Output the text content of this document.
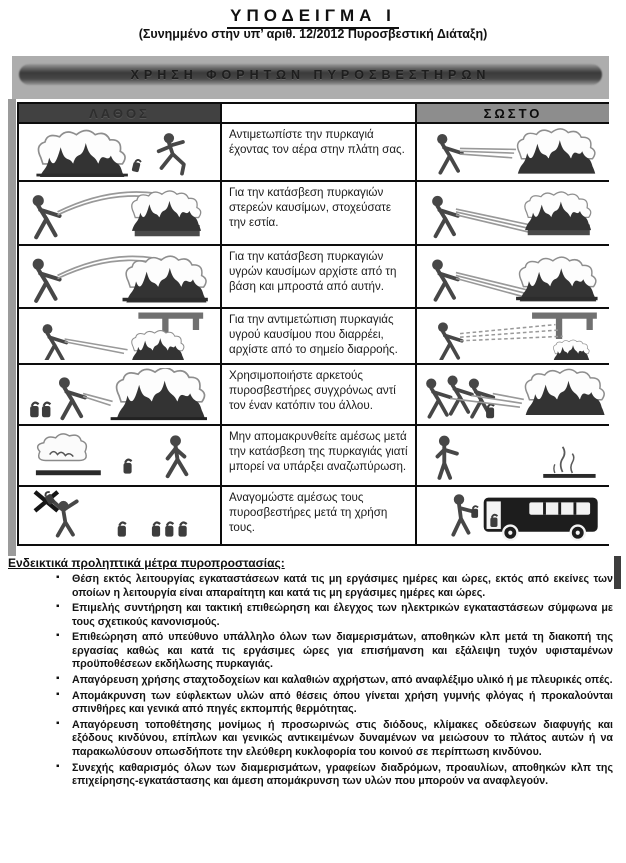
ΥΠΟΔΕΙΓΜΑ Ι
(Συνημμένο στην υπ’ αριθ. 12/2012 Πυροσβεστική Διάταξη)
ΧΡΗΣΗ ΦΟΡΗΤΩΝ ΠΥΡΟΣΒΕΣΤΗΡΩΝ
ΛΑΘΟΣ	ΣΩΣΤΟ
Αντιμετωπίστε την πυρκαγιά έχοντας τον αέρα στην πλάτη σας.
Για την κατάσβεση πυρκαγιών στερεών καυσίμων, στοχεύσατε την εστία.
Για την κατάσβεση πυρκαγιών υγρών καυσίμων αρχίστε από τη βάση και μπροστά από αυτήν.
Για την αντιμετώπιση πυρκαγιάς υγρού καυσίμου που διαρρέει, αρχίστε από το σημείο διαρροής.
Χρησιμοποιήστε αρκετούς πυροσβεστήρες συγχρόνως αντί τον έναν κατόπιν του άλλου.
Μην απομακρυνθείτε αμέσως μετά την κατάσβεση της πυρκαγιάς γιατί μπορεί να υπάρξει αναζωπύρωση.
Αναγομώστε αμέσως τους πυροσβεστήρες μετά τη χρήση τους.
Ενδεικτικά προληπτικά μέτρα πυροπροστασίας:
▪ Θέση εκτός λειτουργίας εγκαταστάσεων κατά τις μη εργάσιμες ημέρες και ώρες, εκτός από εκείνες των οποίων η λειτουργία είναι απαραίτητη και κατά τις μη εργάσιμες ημέρες και ώρες.
▪ Επιμελής συντήρηση και τακτική επιθεώρηση και έλεγχος των ηλεκτρικών εγκαταστάσεων σύμφωνα με τους σχετικούς κανονισμούς.
▪ Επιθεώρηση από υπεύθυνο υπάλληλο όλων των διαμερισμάτων, αποθηκών κλπ μετά τη διακοπή της εργασίας καθώς και κατά τις εργάσιμες ώρες για επισήμανση και εξάλειψη τυχόν υφισταμένων προϋποθέσεων εκδήλωσης πυρκαγιάς.
▪ Απαγόρευση χρήσης σταχτοδοχείων και καλαθιών αχρήστων, από αναφλέξιμο υλικό ή με πλευρικές οπές.
▪ Απομάκρυνση των εύφλεκτων υλών από θέσεις όπου γίνεται χρήση γυμνής φλόγας ή προκαλούνται σπινθήρες και γενικά από πηγές εκπομπής θερμότητας.
▪ Απαγόρευση τοποθέτησης μονίμως ή προσωρινώς στις διόδους, κλίμακες οδεύσεων διαφυγής και εξόδους κινδύνου, επίπλων και γενικώς αντικειμένων δυναμένων να μειώσουν το πλάτος αυτών ή να παρακωλύσουν οπωσδήποτε την ελεύθερη κυκλοφορία του κοινού σε περίπτωση κινδύνου.
▪ Συνεχής καθαρισμός όλων των διαμερισμάτων, γραφείων διαδρόμων, προαυλίων, αποθηκών κλπ της επιχείρησης-εγκατάστασης και άμεση απομάκρυνση των υλών που μπορούν να αναφλεγούν.
